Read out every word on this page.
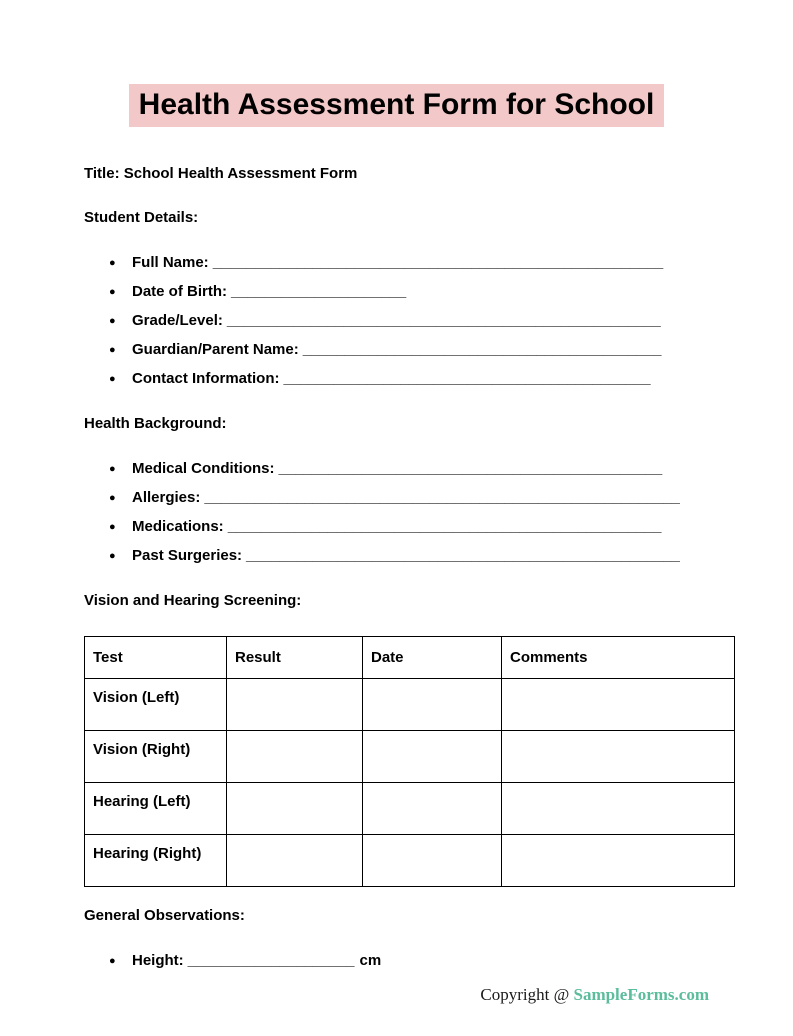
Health Assessment Form for School

Title: School Health Assessment Form

Student Details:

●Full Name: ______________________________________________________
●Date of Birth: _____________________
●Grade/Level: ____________________________________________________
●Guardian/Parent Name: ___________________________________________
●Contact Information: ____________________________________________

Health Background:

●Medical Conditions: ______________________________________________
●Allergies: _________________________________________________________
●Medications: ____________________________________________________
●Past Surgeries: ____________________________________________________

Vision and Hearing Screening:

Test	Result	Date	Comments
Vision (Left)			
Vision (Right)			
Hearing (Left)			
Hearing (Right)			

General Observations:

●Height: ____________________ cm
Copyright @ SampleForms.com
